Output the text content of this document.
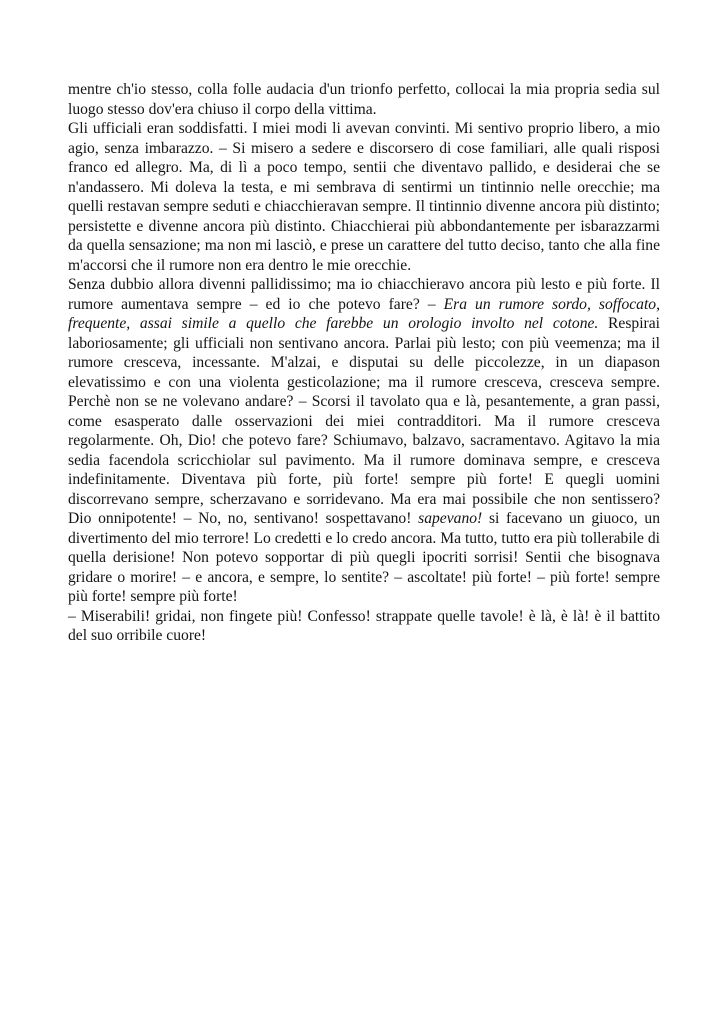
mentre ch'io stesso, colla folle audacia d'un trionfo perfetto, collocai la mia propria sedia sul luogo stesso dov'era chiuso il corpo della vittima.

Gli ufficiali eran soddisfatti. I miei modi li avevan convinti. Mi sentivo proprio libero, a mio agio, senza imbarazzo. – Si misero a sedere e discorsero di cose familiari, alle quali risposi franco ed allegro. Ma, di lì a poco tempo, sentii che diventavo pallido, e desiderai che se n'andassero. Mi doleva la testa, e mi sembrava di sentirmi un tintinnio nelle orecchie; ma quelli restavan sempre seduti e chiacchieravan sempre. Il tintinnio divenne ancora più distinto; persistette e divenne ancora più distinto. Chiacchierai più abbondantemente per isbarazzarmi da quella sensazione; ma non mi lasciò, e prese un carattere del tutto deciso, tanto che alla fine m'accorsi che il rumore non era dentro le mie orecchie.

Senza dubbio allora divenni pallidissimo; ma io chiacchieravo ancora più lesto e più forte. Il rumore aumentava sempre – ed io che potevo fare? – Era un rumore sordo, soffocato, frequente, assai simile a quello che farebbe un orologio involto nel cotone. Respirai laboriosamente; gli ufficiali non sentivano ancora. Parlai più lesto; con più veemenza; ma il rumore cresceva, incessante. M'alzai, e disputai su delle piccolezze, in un diapason elevatissimo e con una violenta gesticolazione; ma il rumore cresceva, cresceva sempre. Perchè non se ne volevano andare? – Scorsi il tavolato qua e là, pesantemente, a gran passi, come esasperato dalle osservazioni dei miei contradditori. Ma il rumore cresceva regolarmente. Oh, Dio! che potevo fare? Schiumavo, balzavo, sacramentavo. Agitavo la mia sedia facendola scricchiolar sul pavimento. Ma il rumore dominava sempre, e cresceva indefinitamente. Diventava più forte, più forte! sempre più forte! E quegli uomini discorrevano sempre, scherzavano e sorridevano. Ma era mai possibile che non sentissero? Dio onnipotente! – No, no, sentivano! sospettavano! sapevano! si facevano un giuoco, un divertimento del mio terrore! Lo credetti e lo credo ancora. Ma tutto, tutto era più tollerabile di quella derisione! Non potevo sopportar di più quegli ipocriti sorrisi! Sentii che bisognava gridare o morire! – e ancora, e sempre, lo sentite? – ascoltate! più forte! – più forte! sempre più forte! sempre più forte!

– Miserabili! gridai, non fingete più! Confesso! strappate quelle tavole! è là, è là! è il battito del suo orribile cuore!
